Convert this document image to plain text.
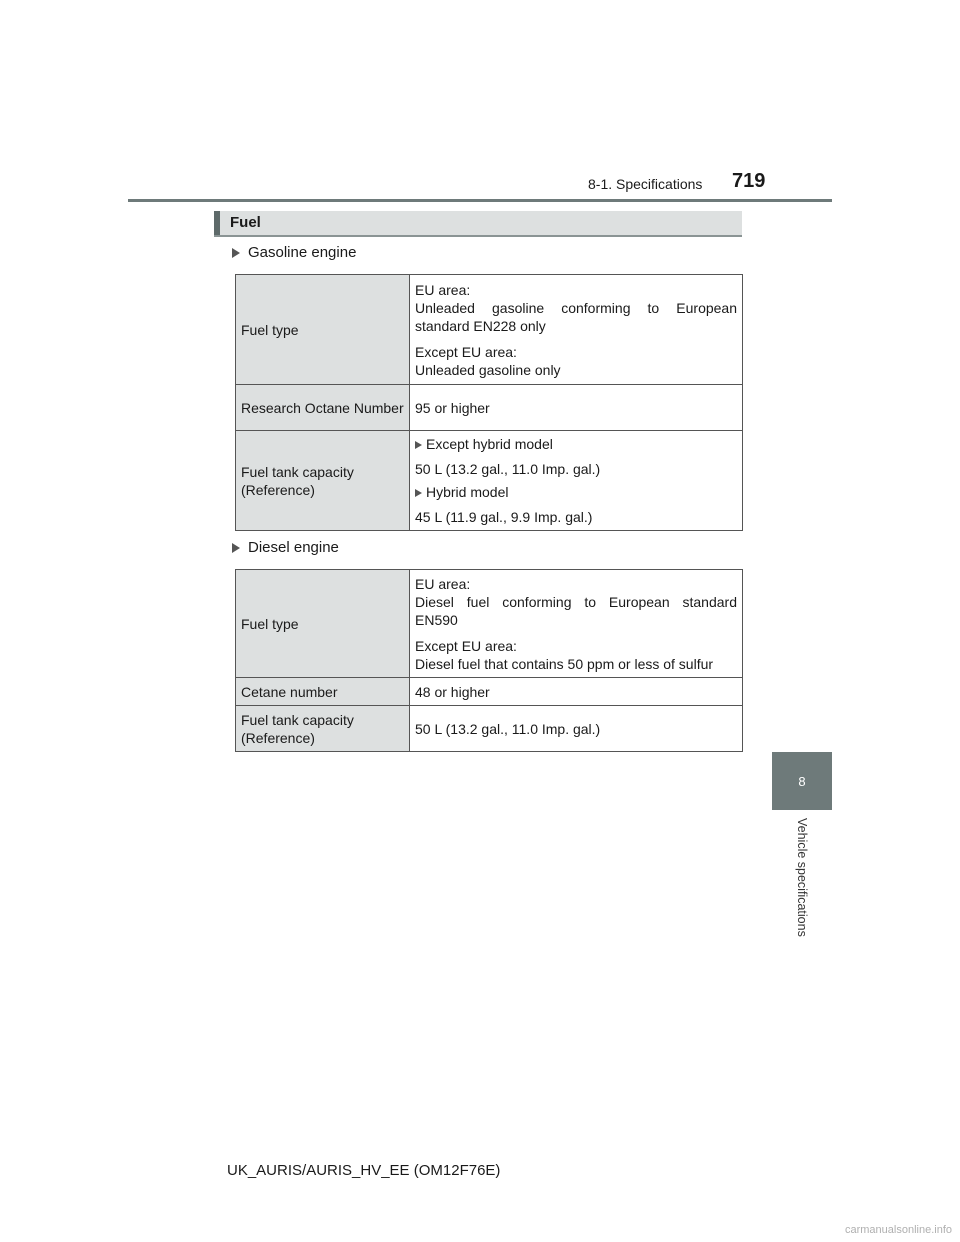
8-1. Specifications 719
8
Vehicle specifications
Fuel
Gasoline engine
Fuel type	EU area:

Unleaded gasoline conforming to European standard EN228 only

Except EU area:

Unleaded gasoline only

Research Octane Number	95 or higher
Fuel tank capacity (Reference)	Except hybrid model

50 L (13.2 gal., 11.0 Imp. gal.)

Hybrid model

45 L (11.9 gal., 9.9 Imp. gal.)

Diesel engine
Fuel type	EU area:

Diesel fuel conforming to European standard EN590

Except EU area:

Diesel fuel that contains 50 ppm or less of sulfur

Cetane number	48 or higher
Fuel tank capacity (Reference)	50 L (13.2 gal., 11.0 Imp. gal.)
UK_AURIS/AURIS_HV_EE (OM12F76E)
carmanualsonline.info
